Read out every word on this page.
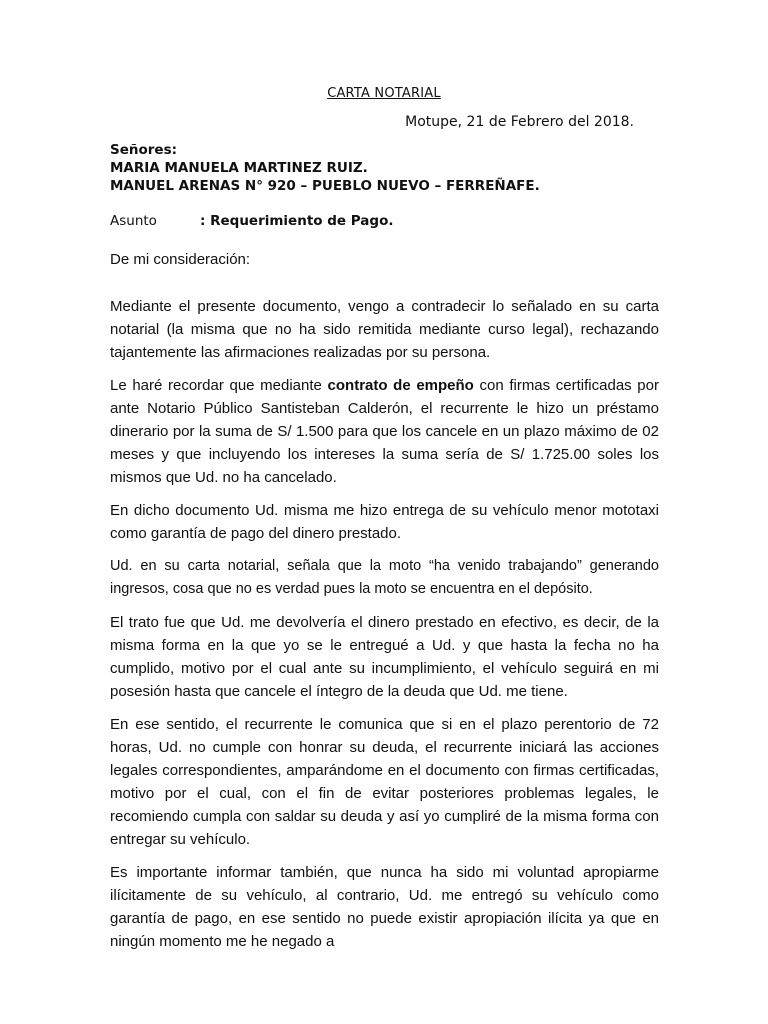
CARTA NOTARIAL
Motupe, 21 de Febrero del 2018.
Señores:
MARIA MANUELA MARTINEZ RUIZ.
MANUEL ARENAS N° 920 – PUEBLO NUEVO – FERREÑAFE.
Asunto	: Requerimiento de Pago.
De mi consideración:

Mediante el presente documento, vengo a contradecir lo señalado en su carta notarial (la misma que no ha sido remitida mediante curso legal), rechazando tajantemente las afirmaciones realizadas por su persona.

Le haré recordar que mediante contrato de empeño con firmas certificadas por ante Notario Público Santisteban Calderón, el recurrente le hizo un préstamo dinerario por la suma de S/ 1.500 para que los cancele en un plazo máximo de 02 meses y que incluyendo los intereses la suma sería de S/ 1.725.00 soles los mismos que Ud. no ha cancelado.

En dicho documento Ud. misma me hizo entrega de su vehículo menor mototaxi como garantía de pago del dinero prestado.

Ud. en su carta notarial, señala que la moto “ha venido trabajando” generando ingresos, cosa que no es verdad pues la moto se encuentra en el depósito.

El trato fue que Ud. me devolvería el dinero prestado en efectivo, es decir, de la misma forma en la que yo se le entregué a Ud. y que hasta la fecha no ha cumplido, motivo por el cual ante su incumplimiento, el vehículo seguirá en mi posesión hasta que cancele el íntegro de la deuda que Ud. me tiene.

En ese sentido, el recurrente le comunica que si en el plazo perentorio de 72 horas, Ud. no cumple con honrar su deuda, el recurrente iniciará las acciones legales correspondientes, amparándome en el documento con firmas certificadas, motivo por el cual, con el fin de evitar posteriores problemas legales, le recomiendo cumpla con saldar su deuda y así yo cumpliré de la misma forma con entregar su vehículo.

Es importante informar también, que nunca ha sido mi voluntad apropiarme ilícitamente de su vehículo, al contrario, Ud. me entregó su vehículo como garantía de pago, en ese sentido no puede existir apropiación ilícita ya que en ningún momento me he negado a
